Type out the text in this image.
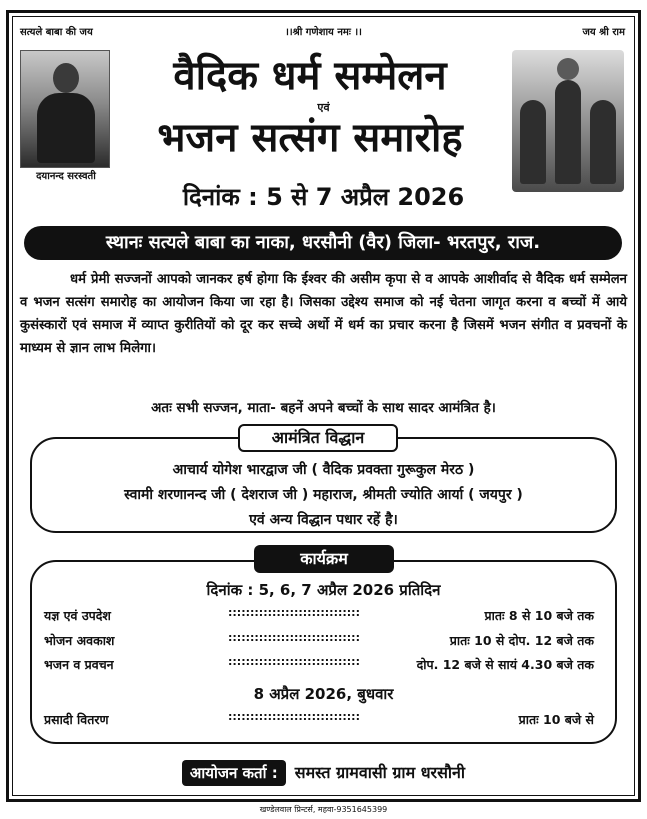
सत्यले बाबा की जय	।।श्री गणेशाय नमः ।।	जय श्री राम
दयानन्द सरस्वती
वैदिक धर्म सम्मेलन
एवं
भजन सत्संग समारोह
दिनांक : 5 से 7 अप्रैल 2026
स्थानः सत्यले बाबा का नाका, धरसौनी (वैर) जिला- भरतपुर, राज.

धर्म प्रेमी सज्जनों आपको जानकर हर्ष होगा कि ईश्वर की असीम कृपा से व आपके आशीर्वाद से वैदिक धर्म सम्मेलन व भजन सत्संग समारोह का आयोजन किया जा रहा है। जिसका उद्देश्य समाज को नई चेतना जागृत करना व बच्चों में आये कुसंस्कारों एवं समाज में व्याप्त कुरीतियों को दूर कर सच्चे अर्थो में धर्म का प्रचार करना है जिसमें भजन संगीत व प्रवचनों के माध्यम से ज्ञान लाभ मिलेगा।

अतः सभी सज्जन, माता- बहनें अपने बच्चों के साथ सादर आमंत्रित है।
आमंत्रित विद्धान
आचार्य योगेश भारद्वाज जी ( वैदिक प्रवक्ता गुरूकुल मेरठ )
स्वामी शरणानन्द जी ( देशराज जी ) महाराज, श्रीमती ज्योति आर्या ( जयपुर )
एवं अन्य विद्धान पधार रहें है।
कार्यक्रम
दिनांक : 5, 6, 7 अप्रैल 2026 प्रतिदिन
यज्ञ एवं उपदेश	::::::::::::::::::::::::::::::	प्रातः 8 से 10 बजे तक
भोजन अवकाश	::::::::::::::::::::::::::::::	प्रातः 10 से दोप. 12 बजे तक
भजन व प्रवचन	::::::::::::::::::::::::::::::	दोप. 12 बजे से सायं 4.30 बजे तक
8 अप्रैल 2026, बुधवार
प्रसादी वितरण	::::::::::::::::::::::::::::::	प्रातः 10 बजे से
आयोजन कर्ता : समस्त ग्रामवासी ग्राम धरसौनी
खण्डेलवाल प्रिन्टर्स, महवा-9351645399
